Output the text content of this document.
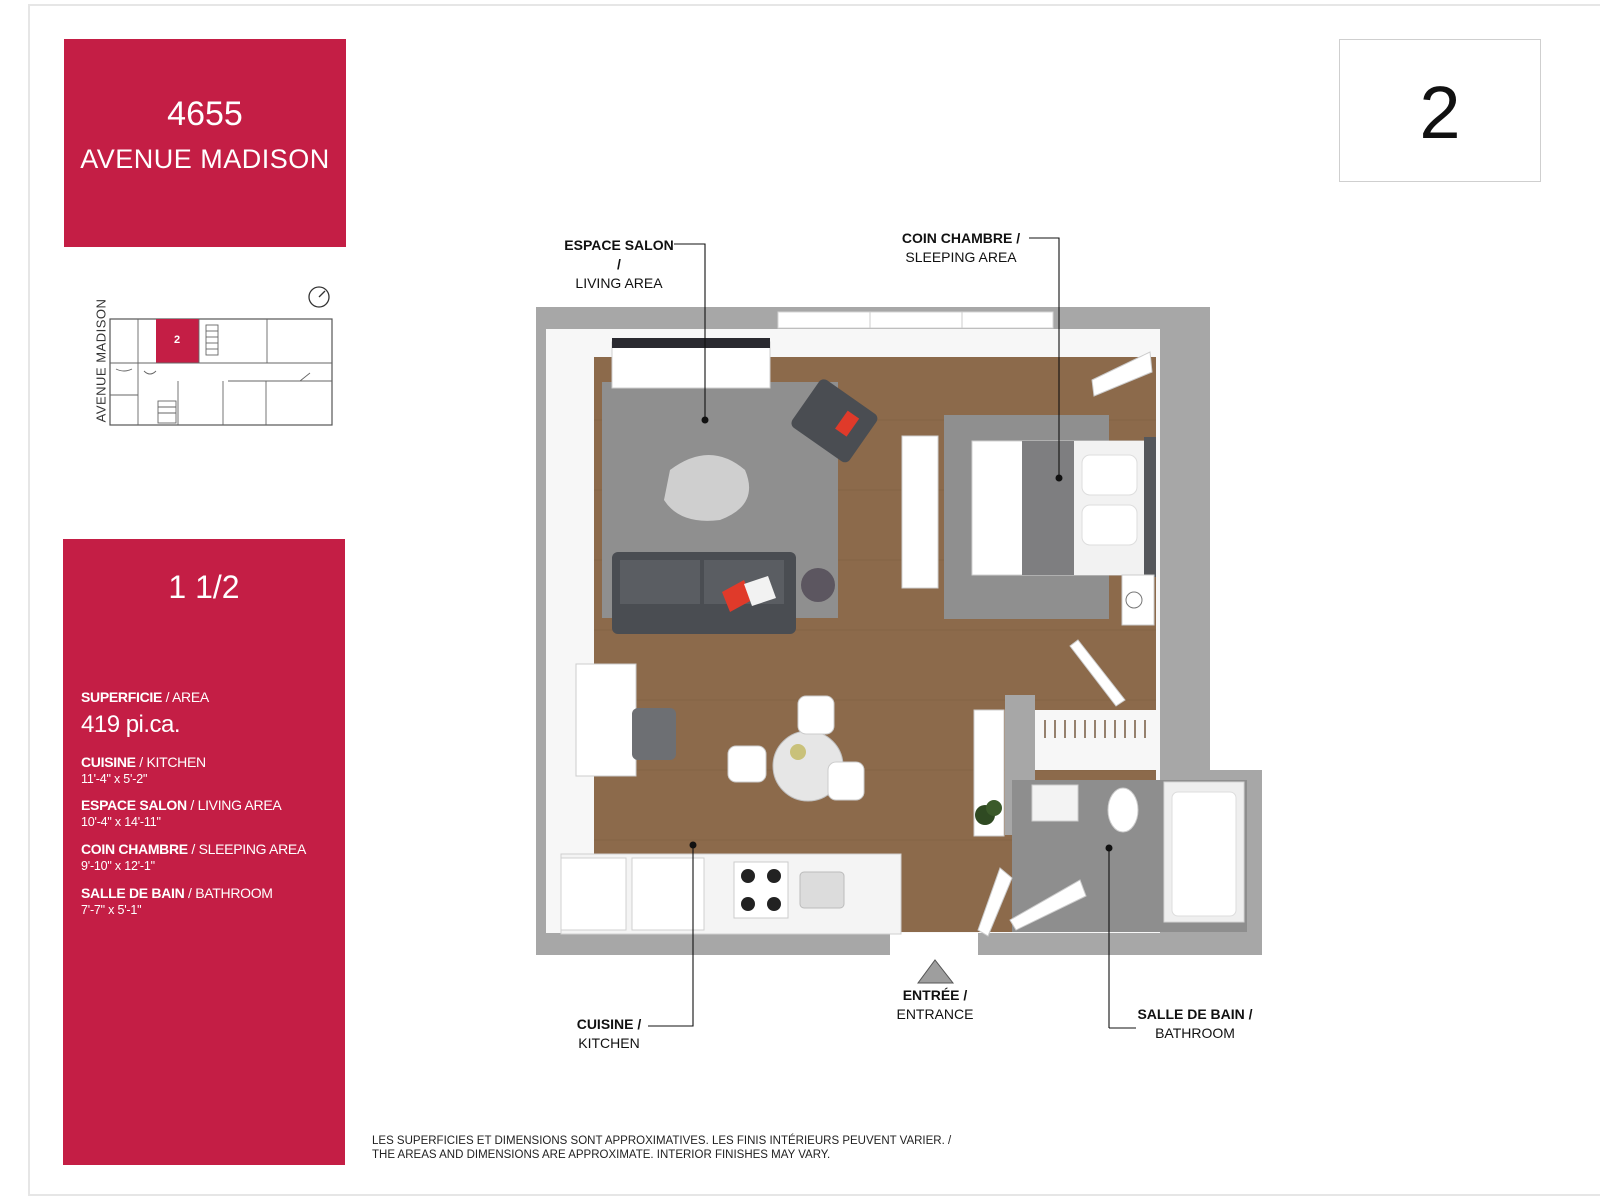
4655
AVENUE MADISON
2
AVENUE MADISON	2
1 1/2
SUPERFICIE / AREA
419 pi.ca.
CUISINE / KITCHEN
11'-4" x 5'-2"
ESPACE SALON / LIVING AREA
10'-4" x 14'-11"
COIN CHAMBRE / SLEEPING AREA
9'-10" x 12'-1"
SALLE DE BAIN / BATHROOM
7'-7" x 5'-1"
ESPACE SALON /
LIVING AREA
COIN CHAMBRE /
SLEEPING AREA
CUISINE /
KITCHEN
ENTRÉE /
ENTRANCE	SALLE DE BAIN /
BATHROOM
LES SUPERFICIES ET DIMENSIONS SONT APPROXIMATIVES. LES FINIS INTÉRIEURS PEUVENT VARIER. /
THE AREAS AND DIMENSIONS ARE APPROXIMATE. INTERIOR FINISHES MAY VARY.
